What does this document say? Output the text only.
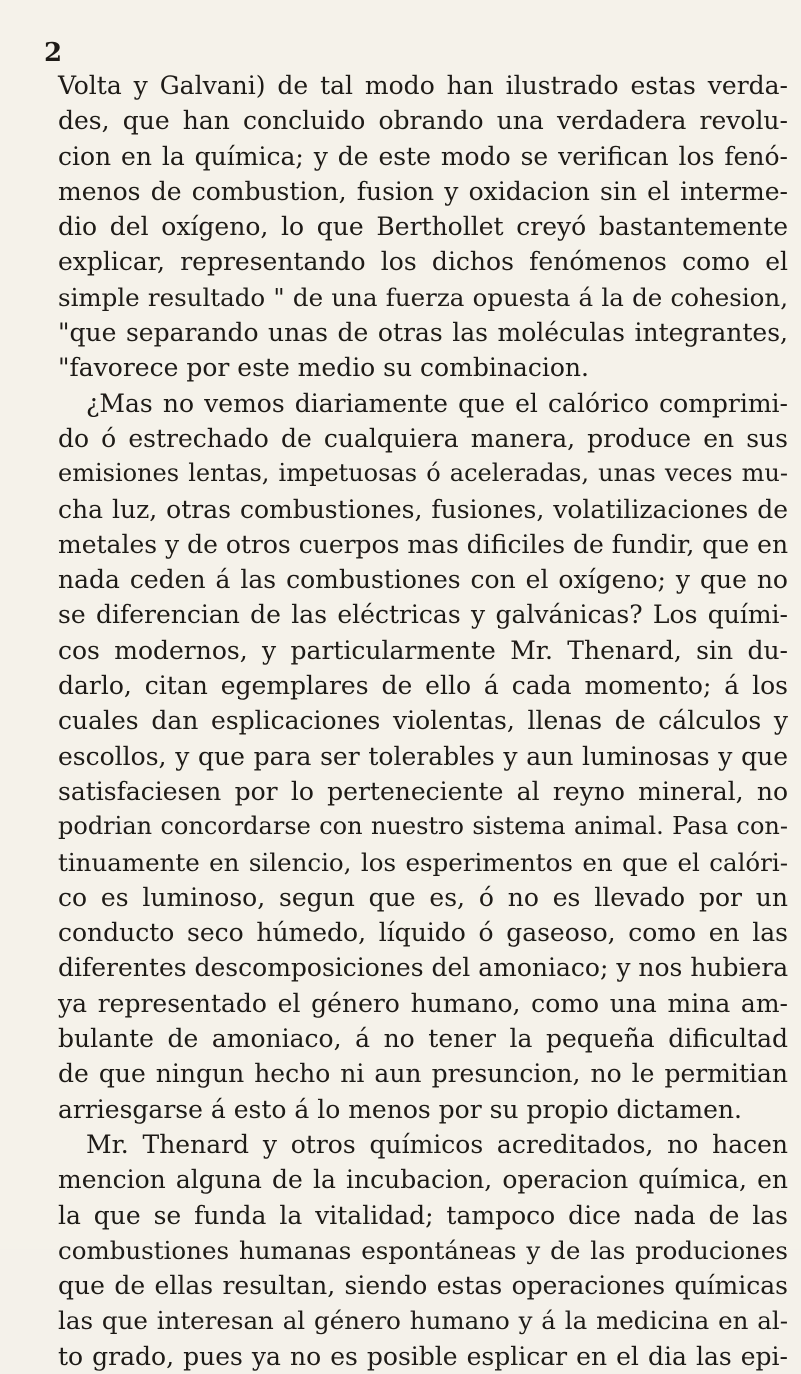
2
Volta y Galvani) de tal modo han ilustrado estas verda-
des, que han concluido obrando una verdadera revolu-
cion en la química; y de este modo se verifican los fenó-
menos de combustion, fusion y oxidacion sin el interme-
dio del oxígeno, lo que Berthollet creyó bastantemente
explicar, representando los dichos fenómenos como el
simple resultado " de una fuerza opuesta á la de cohesion,
"que separando unas de otras las moléculas integrantes,
"favorece por este medio su combinacion.
¿Mas no vemos diariamente que el calórico comprimi-
do ó estrechado de cualquiera manera, produce en sus
emisiones lentas, impetuosas ó aceleradas, unas veces mu-
cha luz, otras combustiones, fusiones, volatilizaciones de
metales y de otros cuerpos mas dificiles de fundir, que en
nada ceden á las combustiones con el oxígeno; y que no
se diferencian de las eléctricas y galvánicas? Los quími-
cos modernos, y particularmente Mr. Thenard, sin du-
darlo, citan egemplares de ello á cada momento; á los
cuales dan esplicaciones violentas, llenas de cálculos y
escollos, y que para ser tolerables y aun luminosas y que
satisfaciesen por lo perteneciente al reyno mineral, no
podrian concordarse con nuestro sistema animal. Pasa con-
tinuamente en silencio, los esperimentos en que el calóri-
co es luminoso, segun que es, ó no es llevado por un
conducto seco húmedo, líquido ó gaseoso, como en las
diferentes descomposiciones del amoniaco; y nos hubiera
ya representado el género humano, como una mina am-
bulante de amoniaco, á no tener la pequeña dificultad
de que ningun hecho ni aun presuncion, no le permitian
arriesgarse á esto á lo menos por su propio dictamen.
Mr. Thenard y otros químicos acreditados, no hacen
mencion alguna de la incubacion, operacion química, en
la que se funda la vitalidad; tampoco dice nada de las
combustiones humanas espontáneas y de las produciones
que de ellas resultan, siendo estas operaciones químicas
las que interesan al género humano y á la medicina en al-
to grado, pues ya no es posible esplicar en el dia las epi-
